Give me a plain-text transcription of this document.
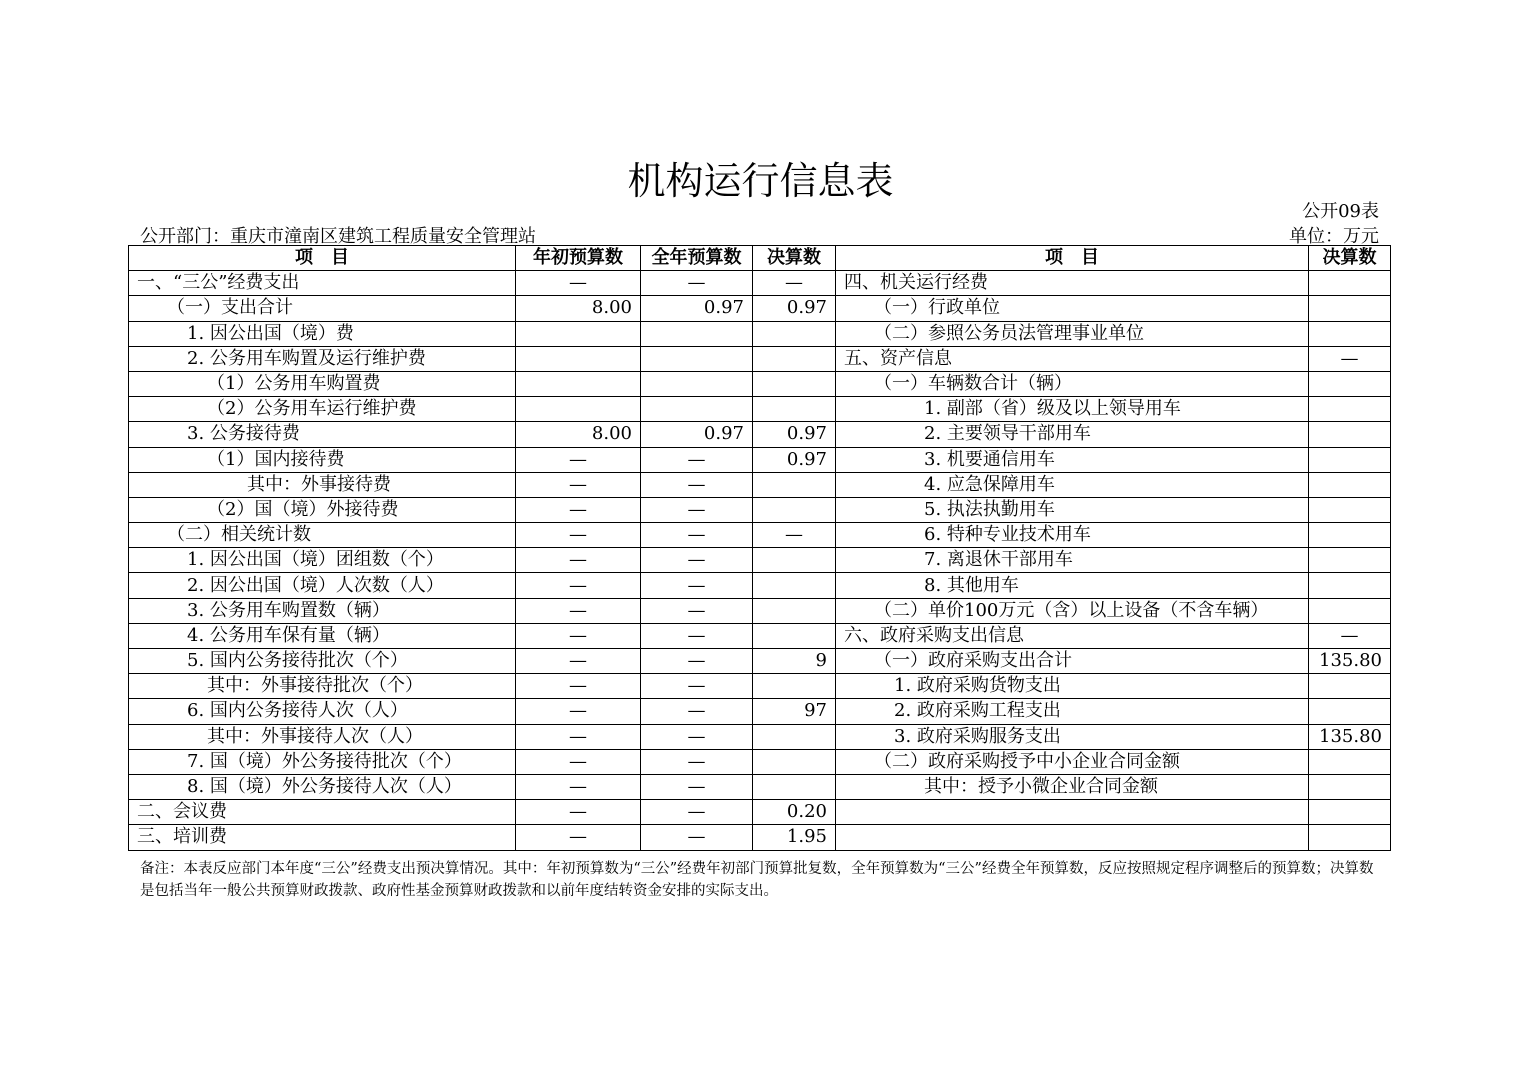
机构运行信息表
公开09表
公开部门：重庆市潼南区建筑工程质量安全管理站	单位：万元
项　目	年初预算数	全年预算数	决算数	项　目	决算数
一、“三公”经费支出	—	—	—	四、机关运行经费	
（一）支出合计	8.00	0.97	0.97	（一）行政单位	
1. 因公出国（境）费				（二）参照公务员法管理事业单位	
2. 公务用车购置及运行维护费				五、资产信息	—
（1）公务用车购置费				（一）车辆数合计（辆）	
（2）公务用车运行维护费				1. 副部（省）级及以上领导用车	
3. 公务接待费	8.00	0.97	0.97	2. 主要领导干部用车	
（1）国内接待费	—	—	0.97	3. 机要通信用车	
其中：外事接待费	—	—		4. 应急保障用车	
（2）国（境）外接待费	—	—		5. 执法执勤用车	
（二）相关统计数	—	—	—	6. 特种专业技术用车	
1. 因公出国（境）团组数（个）	—	—		7. 离退休干部用车	
2. 因公出国（境）人次数（人）	—	—		8. 其他用车	
3. 公务用车购置数（辆）	—	—		（二）单价100万元（含）以上设备（不含车辆）	
4. 公务用车保有量（辆）	—	—		六、政府采购支出信息	—
5. 国内公务接待批次（个）	—	—	9	（一）政府采购支出合计	135.80
其中：外事接待批次（个）	—	—		1. 政府采购货物支出	
6. 国内公务接待人次（人）	—	—	97	2. 政府采购工程支出	
其中：外事接待人次（人）	—	—		3. 政府采购服务支出	135.80
7. 国（境）外公务接待批次（个）	—	—		（二）政府采购授予中小企业合同金额	
8. 国（境）外公务接待人次（人）	—	—		其中：授予小微企业合同金额	
二、会议费	—	—	0.20		
三、培训费	—	—	1.95		
备注：本表反应部门本年度“三公”经费支出预决算情况。其中：年初预算数为“三公”经费年初部门预算批复数，全年预算数为“三公”经费全年预算数，反应按照规定程序调整后的预算数；决算数是包括当年一般公共预算财政拨款、政府性基金预算财政拨款和以前年度结转资金安排的实际支出。
